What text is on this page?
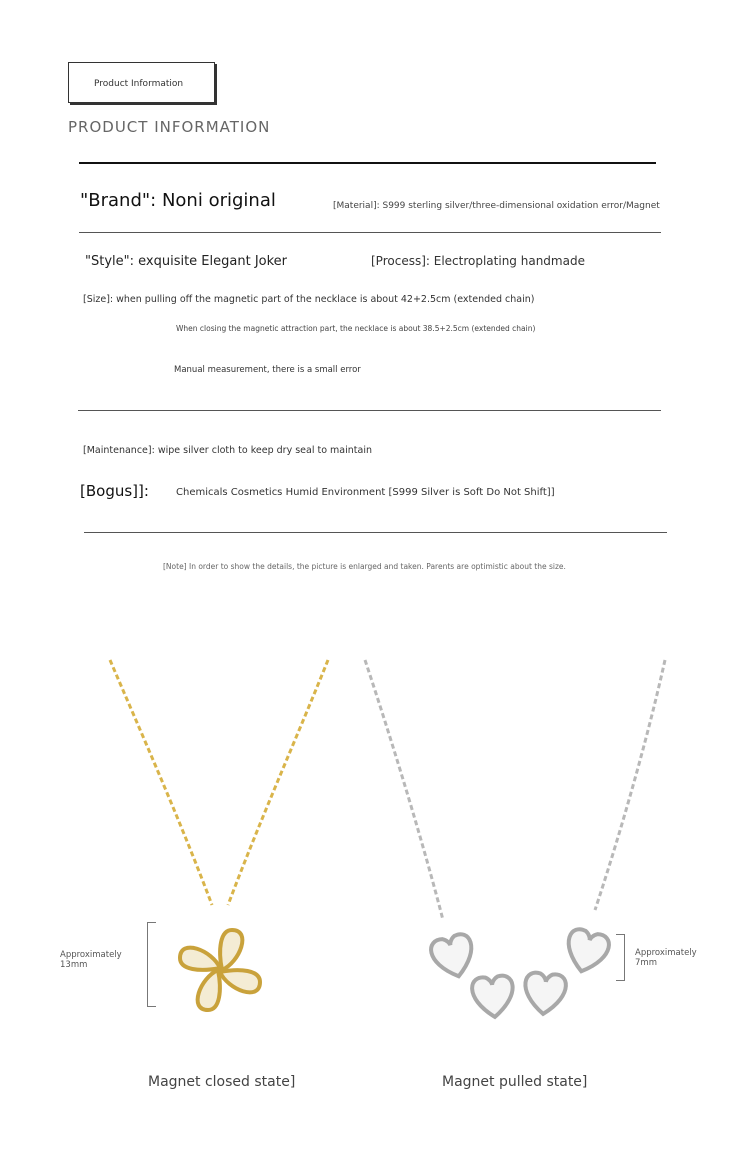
Product Information
PRODUCT INFORMATION
"Brand": Noni original	[Material]: S999 sterling silver/three-dimensional oxidation error/Magnet
"Style": exquisite Elegant Joker	[Process]: Electroplating handmade
[Size]: when pulling off the magnetic part of the necklace is about 42+2.5cm (extended chain)
When closing the magnetic attraction part, the necklace is about 38.5+2.5cm (extended chain)
Manual measurement, there is a small error
[Maintenance]: wipe silver cloth to keep dry seal to maintain
[Bogus]]:	Chemicals Cosmetics Humid Environment [S999 Silver is Soft Do Not Shift]]
[Note] In order to show the details, the picture is enlarged and taken. Parents are optimistic about the size.
Approximately 13mm
Approximately 7mm
Magnet closed state]	Magnet pulled state]
